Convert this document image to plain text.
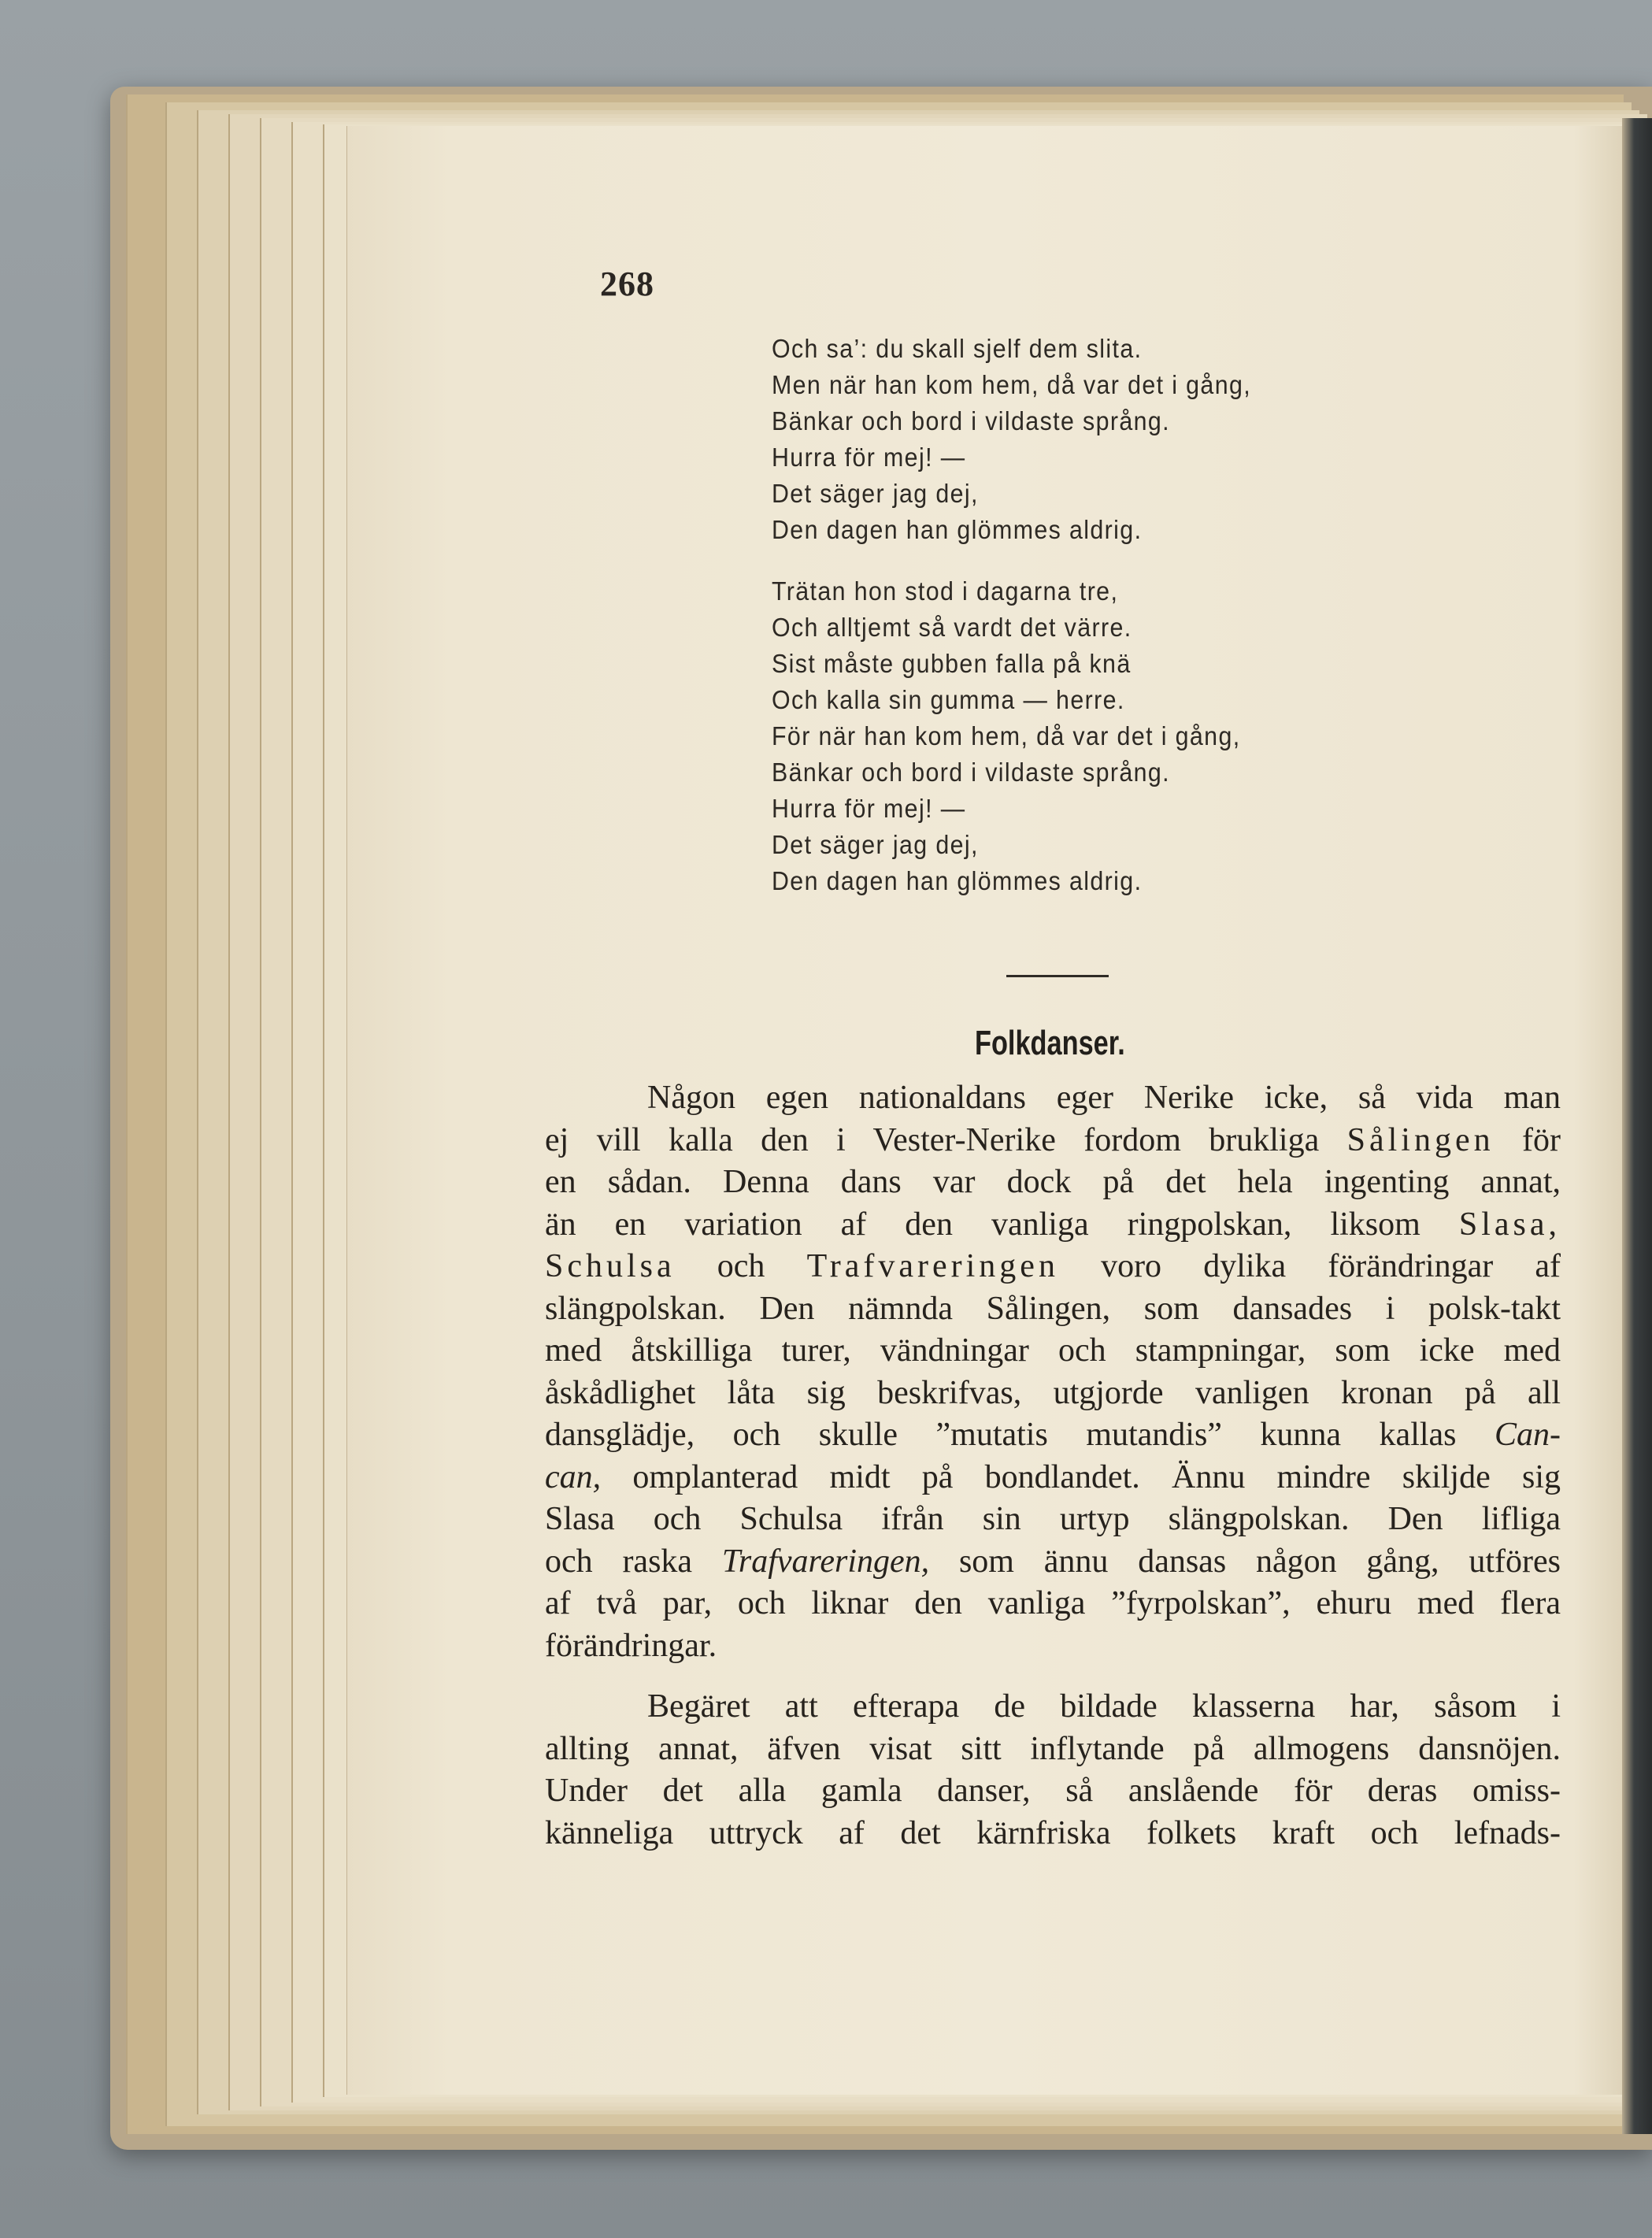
268
Och sa’: du skall sjelf dem slita.
Men när han kom hem, då var det i gång,
Bänkar och bord i vildaste språng.
Hurra för mej! —
Det säger jag dej,
Den dagen han glömmes aldrig.
Trätan hon stod i dagarna tre,
Och alltjemt så vardt det värre.
Sist måste gubben falla på knä
Och kalla sin gumma — herre.
För när han kom hem, då var det i gång,
Bänkar och bord i vildaste språng.
Hurra för mej! —
Det säger jag dej,
Den dagen han glömmes aldrig.
Folkdanser.
Någon egen nationaldans eger Nerike icke, så vida man
ej vill kalla den i Vester-Nerike fordom brukliga Sålingen för
en sådan. Denna dans var dock på det hela ingenting annat,
än en variation af den vanliga ringpolskan, liksom Slasa,
Schulsa och Trafvareringen voro dylika förändringar af
slängpolskan. Den nämnda Sålingen, som dansades i polsk-takt
med åtskilliga turer, vändningar och stampningar, som icke med
åskådlighet låta sig beskrifvas, utgjorde vanligen kronan på all
dansglädje, och skulle ”mutatis mutandis” kunna kallas Can-
can, omplanterad midt på bondlandet. Ännu mindre skiljde sig
Slasa och Schulsa ifrån sin urtyp slängpolskan. Den lifliga
och raska Trafvareringen, som ännu dansas någon gång, utföres
af två par, och liknar den vanliga ”fyrpolskan”, ehuru med flera
förändringar.
Begäret att efterapa de bildade klasserna har, såsom i
allting annat, äfven visat sitt inflytande på allmogens dansnöjen.
Under det alla gamla danser, så anslående för deras omiss-
känneliga uttryck af det kärnfriska folkets kraft och lefnads-
